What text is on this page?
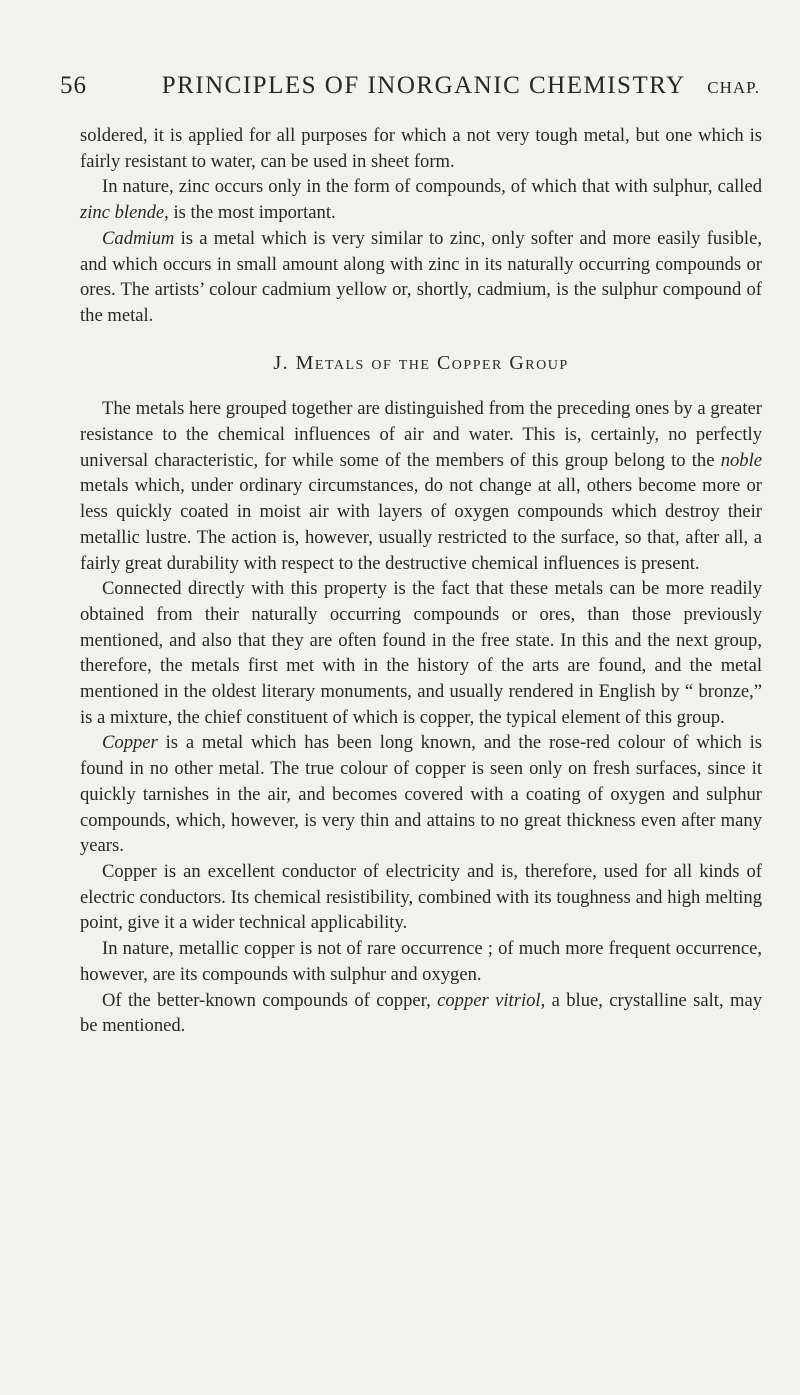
56	PRINCIPLES OF INORGANIC CHEMISTRY	CHAP.

soldered, it is applied for all purposes for which a not very tough metal, but one which is fairly resistant to water, can be used in sheet form.

In nature, zinc occurs only in the form of compounds, of which that with sulphur, called zinc blende, is the most important.

Cadmium is a metal which is very similar to zinc, only softer and more easily fusible, and which occurs in small amount along with zinc in its naturally occurring compounds or ores. The artists’ colour cadmium yellow or, shortly, cadmium, is the sulphur compound of the metal.

J. Metals of the Copper Group

The metals here grouped together are distinguished from the preceding ones by a greater resistance to the chemical influences of air and water. This is, certainly, no perfectly universal characteristic, for while some of the members of this group belong to the noble metals which, under ordinary circumstances, do not change at all, others become more or less quickly coated in moist air with layers of oxygen compounds which destroy their metallic lustre. The action is, however, usually restricted to the surface, so that, after all, a fairly great durability with respect to the destructive chemical influences is present.

Connected directly with this property is the fact that these metals can be more readily obtained from their naturally occurring compounds or ores, than those previously mentioned, and also that they are often found in the free state. In this and the next group, therefore, the metals first met with in the history of the arts are found, and the metal mentioned in the oldest literary monuments, and usually rendered in English by “ bronze,” is a mixture, the chief constituent of which is copper, the typical element of this group.

Copper is a metal which has been long known, and the rose-red colour of which is found in no other metal. The true colour of copper is seen only on fresh surfaces, since it quickly tarnishes in the air, and becomes covered with a coating of oxygen and sulphur compounds, which, however, is very thin and attains to no great thickness even after many years.

Copper is an excellent conductor of electricity and is, therefore, used for all kinds of electric conductors. Its chemical resistibility, combined with its toughness and high melting point, give it a wider technical applicability.

In nature, metallic copper is not of rare occurrence ; of much more frequent occurrence, however, are its compounds with sulphur and oxygen.

Of the better-known compounds of copper, copper vitriol, a blue, crystalline salt, may be mentioned.
